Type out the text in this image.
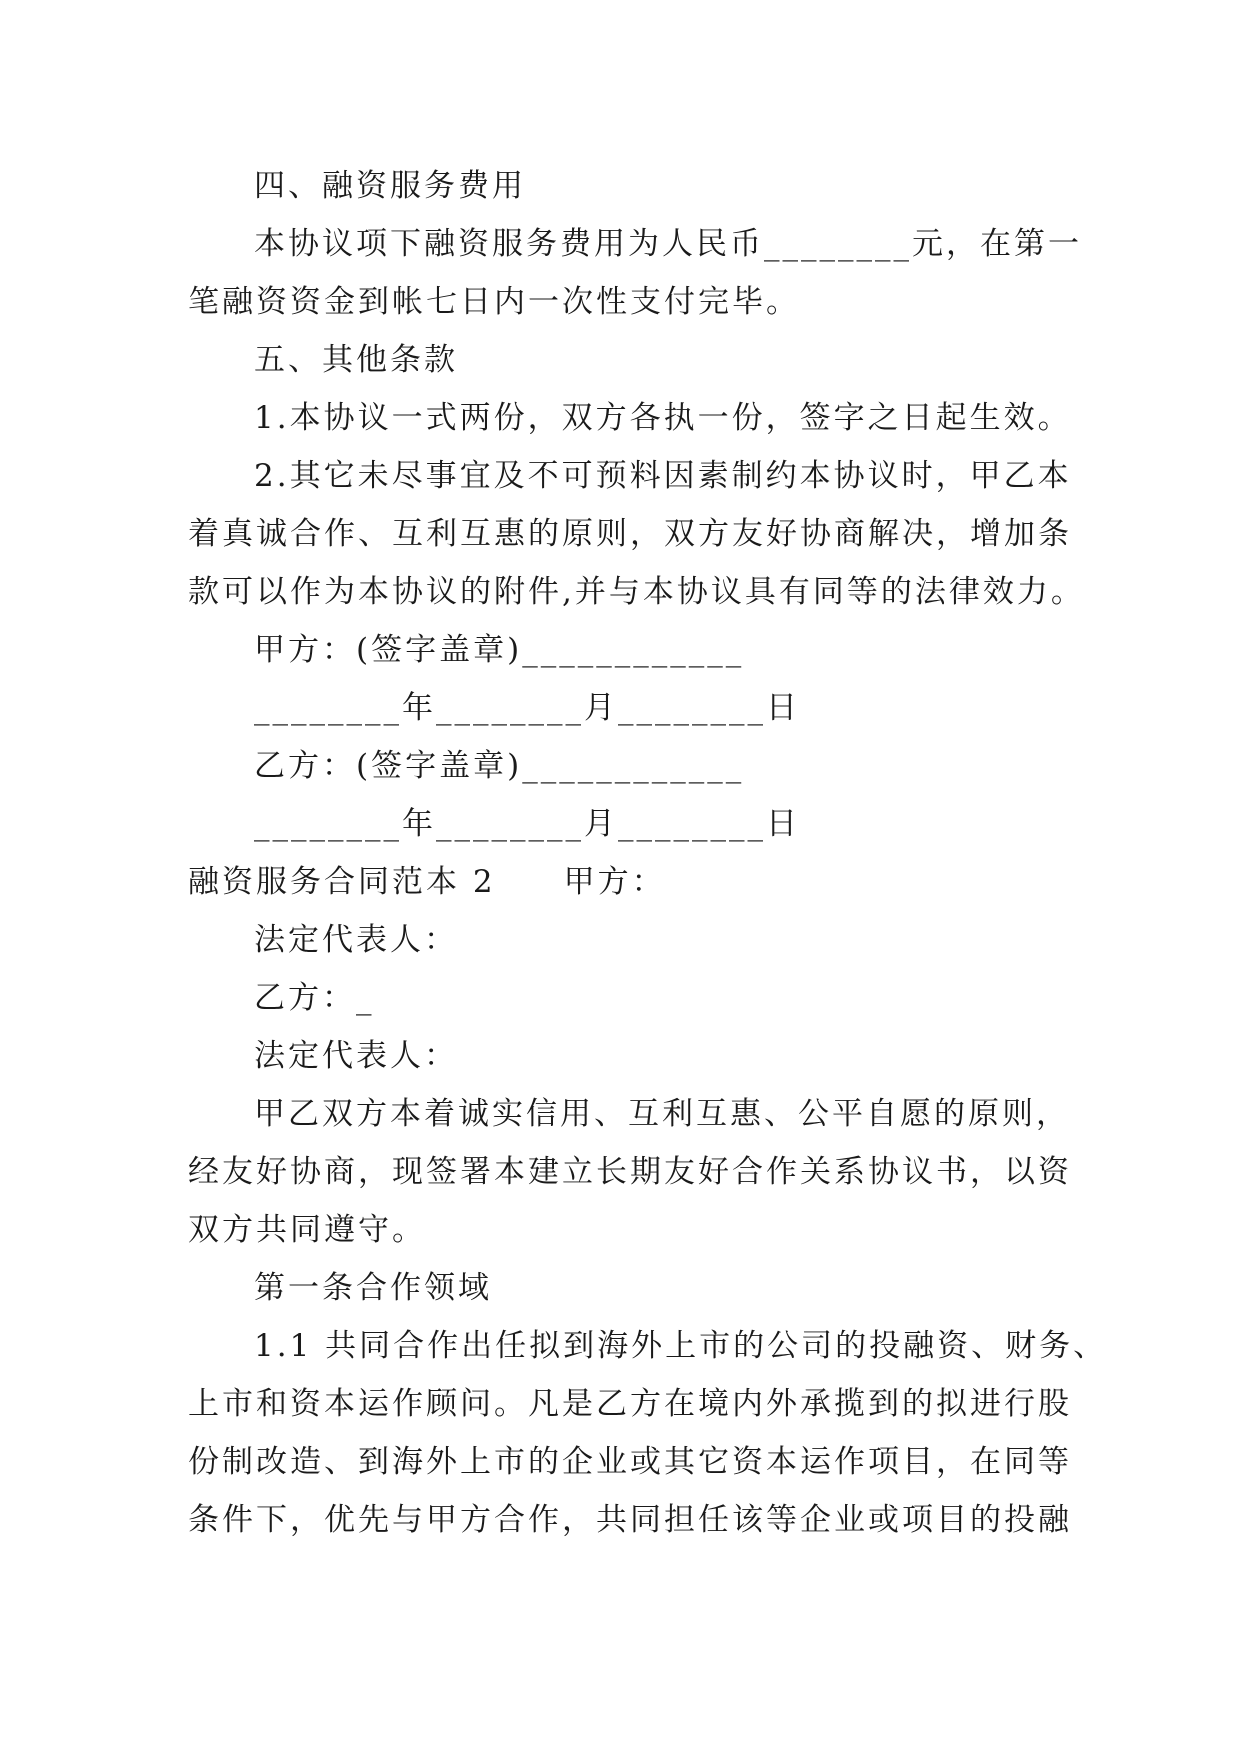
四、融资服务费用
本协议项下融资服务费用为人民币________元，在第一
笔融资资金到帐七日内一次性支付完毕。
五、其他条款
1.本协议一式两份，双方各执一份，签字之日起生效。
2.其它未尽事宜及不可预料因素制约本协议时，甲乙本
着真诚合作、互利互惠的原则，双方友好协商解决，增加条
款可以作为本协议的附件,并与本协议具有同等的法律效力。
甲方：(签字盖章)____________
________年________月________日
乙方：(签字盖章)____________
________年________月________日
融资服务合同范本 2　　甲方：
法定代表人：
乙方：_
法定代表人：
甲乙双方本着诚实信用、互利互惠、公平自愿的原则，
经友好协商，现签署本建立长期友好合作关系协议书，以资
双方共同遵守。
第一条合作领域
1.1 共同合作出任拟到海外上市的公司的投融资、财务、
上市和资本运作顾问。凡是乙方在境内外承揽到的拟进行股
份制改造、到海外上市的企业或其它资本运作项目，在同等
条件下，优先与甲方合作，共同担任该等企业或项目的投融
